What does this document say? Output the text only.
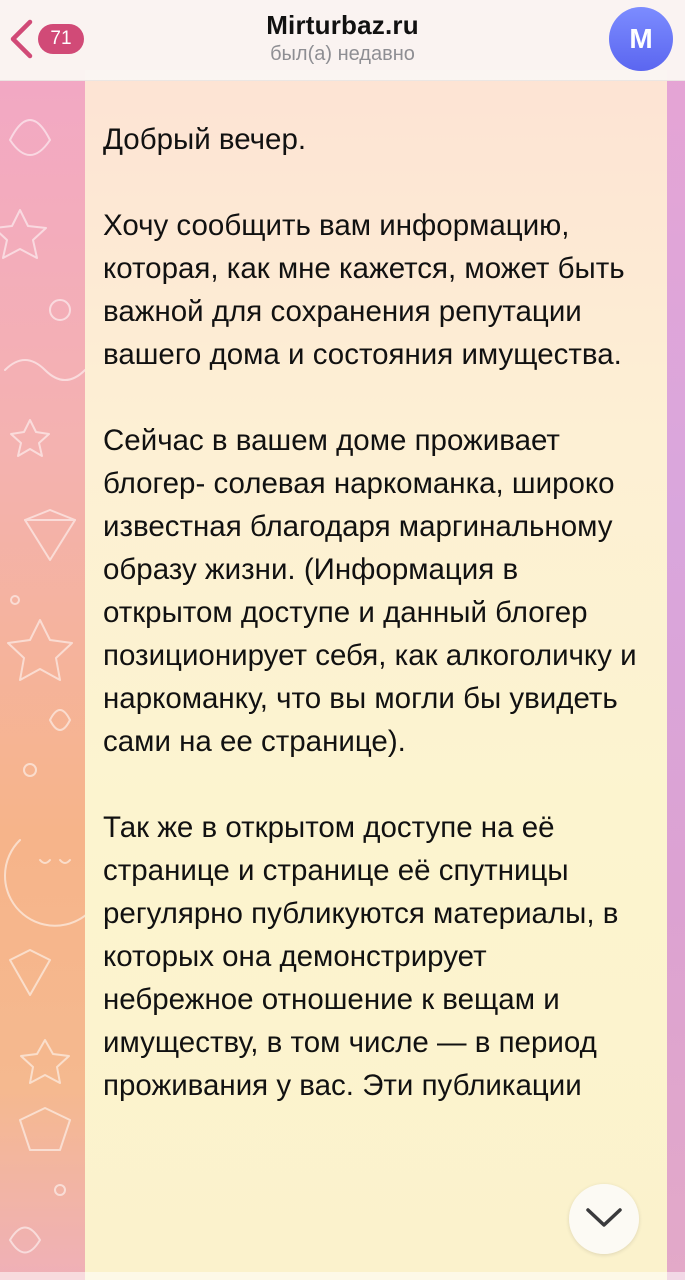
71	Mirturbaz.ru
был(а) недавно	M

Добрый вечер.

Хочу сообщить вам информацию, которая, как мне кажется, может быть важной для сохранения репутации вашего дома и состояния имущества.

Сейчас в вашем доме проживает блогер- солевая наркоманка, широко известная благодаря маргинальному образу жизни. (Информация в открытом доступе и данный блогер позиционирует себя, как алкоголичку и наркоманку, что вы могли бы увидеть сами на ее странице).

Так же в открытом доступе на её странице и странице её спутницы регулярно публикуются материалы, в которых она демонстрирует небрежное отношение к вещам и имуществу, в том числе — в период проживания у вас. Эти публикации
